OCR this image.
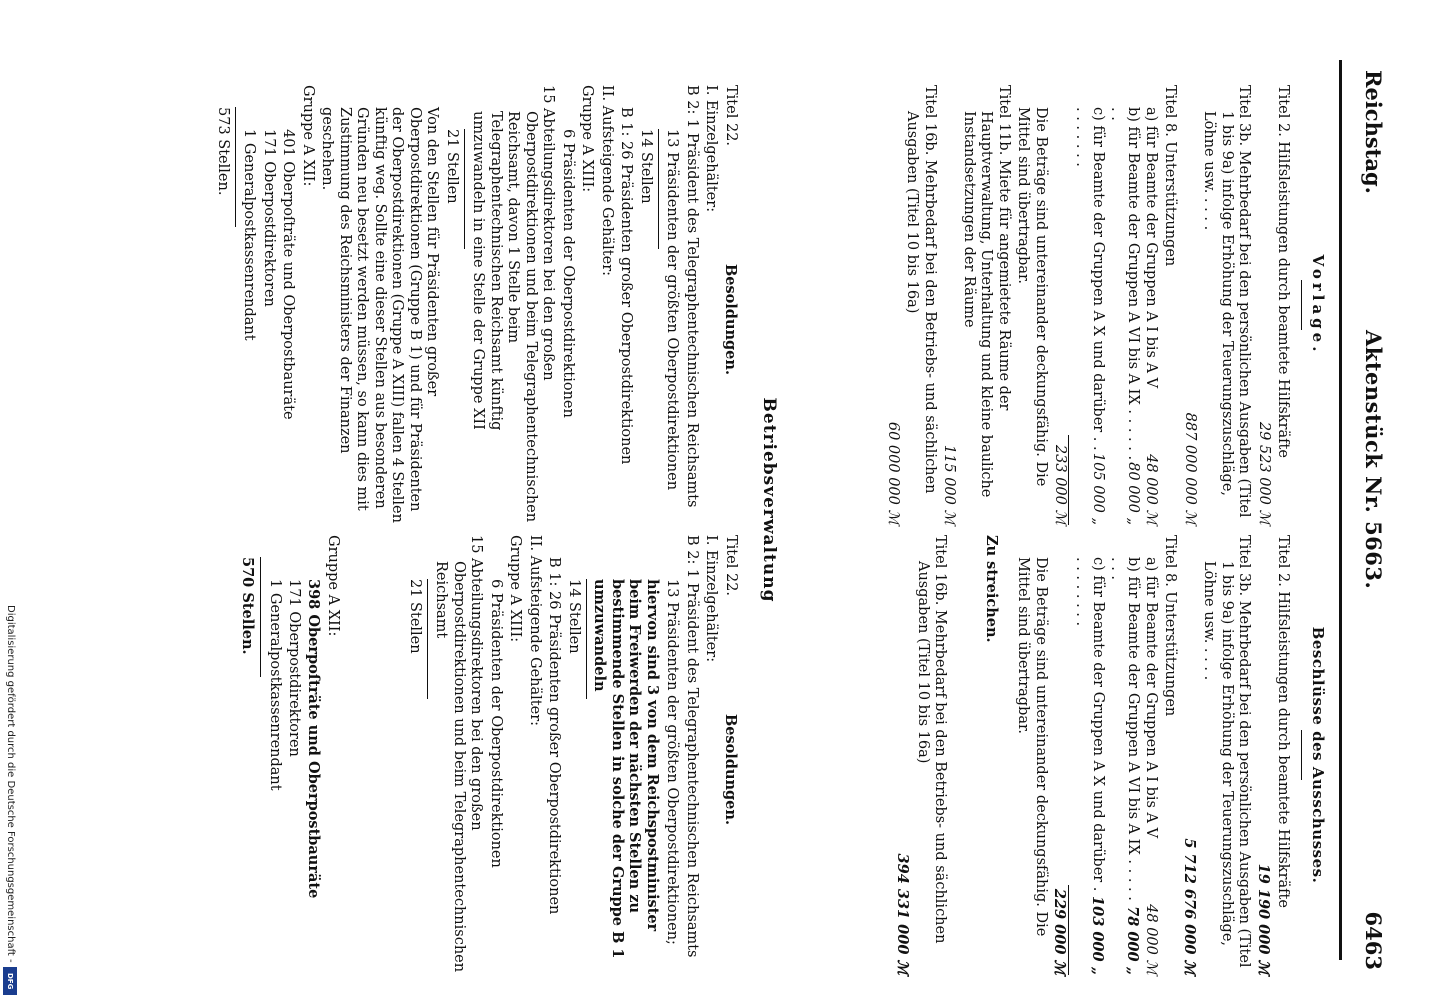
Reichstag.
Aktenstück Nr. 5663.
6463
Vorlage.
Titel 2. Hilfsleistungen durch beamtete Hilfskräfte
29 523 000 ℳ
Titel 3b. Mehrbedarf bei den persönlichen Ausgaben (Titel 1 bis 9a) infolge Erhöhung der Teuerungszuschläge, Löhne usw. . . . .
887 000 000 ℳ
Titel 8. Unterstützungen
a) für Beamte der Gruppen A I bis A V
48 000 ℳ
b) für Beamte der Gruppen A VI bis A IX . . . . . . . .
80 000 „
c) für Beamte der Gruppen A X und darüber . . . . . . . . .
105 000 „
233 000 ℳ
Die Beträge sind untereinander deckungsfähig. Die Mittel sind übertragbar.
Titel 11b. Miete für angemietete Räume der Hauptverwaltung, Unterhaltung und kleine bauliche Instandsetzungen der Räume
115 000 ℳ
Titel 16b. Mehrbedarf bei den Betriebs- und sächlichen Ausgaben (Titel 10 bis 16a)
60 000 000 ℳ
Beschlüsse des Ausschusses.
Titel 2. Hilfsleistungen durch beamtete Hilfskräfte
19 190 000 ℳ
Titel 3b. Mehrbedarf bei den persönlichen Ausgaben (Titel 1 bis 9a) infolge Erhöhung der Teuerungszuschläge, Löhne usw. . . . .
5 712 676 000 ℳ
Titel 8. Unterstützungen
a) für Beamte der Gruppen A I bis A V
48 000 ℳ
b) für Beamte der Gruppen A VI bis A IX . . . . . . . .
78 000 „
c) für Beamte der Gruppen A X und darüber . . . . . . . . .
103 000 „
229 000 ℳ
Die Beträge sind untereinander deckungsfähig. Die Mittel sind übertragbar.
Zu streichen.
Titel 16b. Mehrbedarf bei den Betriebs- und sächlichen Ausgaben (Titel 10 bis 16a)
394 331 000 ℳ
Betriebsverwaltung
Titel 22.
Besoldungen.
I. Einzelgehälter:
B 2: 1 Präsident des Telegraphentechnischen Reichsamts
13 Präsidenten der größten Oberpostdirektionen
14 Stellen
B 1: 26 Präsidenten großer Oberpostdirektionen
II. Aufsteigende Gehälter:
Gruppe A XIII:
6 Präsidenten der Oberpostdirektionen
15 Abteilungsdirektoren bei den großen Oberpostdirektionen und beim Telegraphentechnischen Reichsamt, davon 1 Stelle beim Telegraphentechnischen Reichsamt künftig umzuwandeln in eine Stelle der Gruppe XII
21 Stellen
Von den Stellen für Präsidenten großer Oberpostdirektionen (Gruppe B 1) und für Präsidenten der Oberpostdirektionen (Gruppe A XIII) fallen 4 Stellen künftig weg. Sollte eine dieser Stellen aus besonderen Gründen neu besetzt werden müssen, so kann dies mit Zustimmung des Reichsministers der Finanzen geschehen.
Gruppe A XII:
401 Oberpoſträte und Oberpostbauräte
171 Oberpostdirektoren
1 Generalpostkassenrendant
573 Stellen.
Titel 22.
Besoldungen.
I. Einzelgehälter:
B 2: 1 Präsident des Telegraphentechnischen Reichsamts
13 Präsidenten der größten Oberpostdirektionen;
hiervon sind 3 von dem Reichspostminister beim Freiwerden der nächsten Stellen zu bestimmende Stellen in solche der Gruppe B 1 umzuwandeln
14 Stellen
B 1: 26 Präsidenten großer Oberpostdirektionen
II. Aufsteigende Gehälter:
Gruppe A XIII:
6 Präsidenten der Oberpostdirektionen
15 Abteilungsdirektoren bei den großen Oberpostdirektionen und beim Telegraphentechnischen Reichsamt
21 Stellen
Gruppe A XII:
398 Oberpoſträte und Oberpostbauräte
171 Oberpostdirektoren
1 Generalpostkassenrendant
570 Stellen.
Digitalisierung gefördert durch die Deutsche Forschungsgemeinschaft -
DFG
